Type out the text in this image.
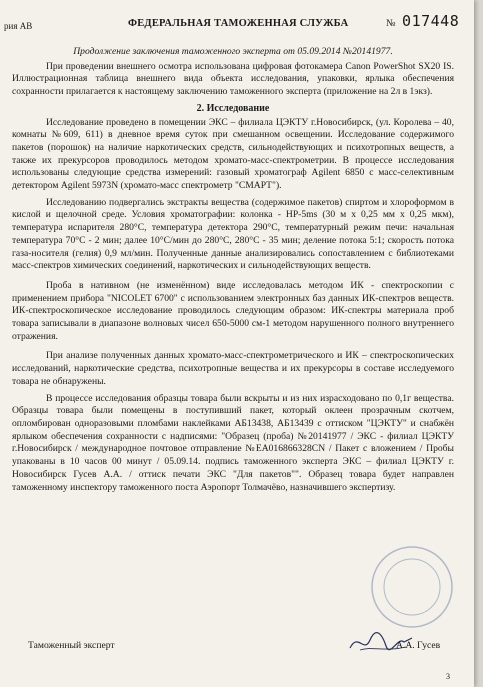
рия АВ	ФЕДЕРАЛЬНАЯ ТАМОЖЕННАЯ СЛУЖБА	№ 017448

Продолжение заключения таможенного эксперта от 05.09.2014 №20141977.

При проведении внешнего осмотра использована цифровая фотокамера Canon PowerShot SX20 IS. Иллюстрационная таблица внешнего вида объекта исследования, упаковки, ярлыка обеспечения сохранности прилагается к настоящему заключению таможенного эксперта (приложение на 2л в 1экз).

2. Исследование

Исследование проведено в помещении ЭКС – филиала ЦЭКТУ г.Новосибирск, (ул. Королева – 40, комнаты №609, 611) в дневное время суток при смешанном освещении. Исследование содержимого пакетов (порошок) на наличие наркотических средств, сильнодействующих и психотропных веществ, а также их прекурсоров проводилось методом хромато-масс-спектрометрии. В процессе исследования использованы следующие средства измерений: газовый хроматограф Agilent 6850 с масс-селективным детектором Agilent 5973N (хромато-масс спектрометр "СМАРТ").

Исследованию подвергались экстракты вещества (содержимое пакетов) спиртом и хлороформом в кислой и щелочной среде. Условия хроматографии: колонка - HP-5ms (30 м х 0,25 мм х 0,25 мкм), температура испарителя 280°С, температура детектора 290°С, температурный режим печи: начальная температура 70°С - 2 мин; далее 10°С/мин до 280°С, 280°С - 35 мин; деление потока 5:1; скорость потока газа-носителя (гелия) 0,9 мл/мин. Полученные данные анализировались сопоставлением с библиотеками масс-спектров химических соединений, наркотических и сильнодействующих веществ.

Проба в нативном (не изменённом) виде исследовалась методом ИК - спектроскопии с применением прибора "NICOLET 6700" с использованием электронных баз данных ИК-спектров веществ. ИК-спектроскопическое исследование проводилось следующим образом: ИК-спектры материала проб товара записывали в диапазоне волновых чисел 650-5000 см-1 методом нарушенного полного внутреннего отражения.

При анализе полученных данных хромато-масс-спектрометрического и ИК – спектроскопических исследований, наркотические средства, психотропные вещества и их прекурсоры в составе исследуемого товара не обнаружены.

В процессе исследования образцы товара были вскрыты и из них израсходовано по 0,1г вещества. Образцы товара были помещены в поступивший пакет, который оклеен прозрачным скотчем, опломбирован одноразовыми пломбами наклейками АБ13438, АБ13439 с оттиском "ЦЭКТУ" и снабжён ярлыком обеспечения сохранности с надписями: "Образец (проба) №20141977 / ЭКС - филиал ЦЭКТУ г.Новосибирск / международное почтовое отправление №ЕА016866328СN / Пакет с вложением / Пробы упакованы в 10 часов 00 минут / 05.09.14. подпись таможенного эксперта ЭКС – филиал ЦЭКТУ г. Новосибирск Гусев А.А. / оттиск печати ЭКС "Для пакетов"". Образец товара будет направлен таможенному инспектору таможенного поста Аэропорт Толмачёво, назначившего экспертизу.

Таможенный эксперт	А.А. Гусев
3
